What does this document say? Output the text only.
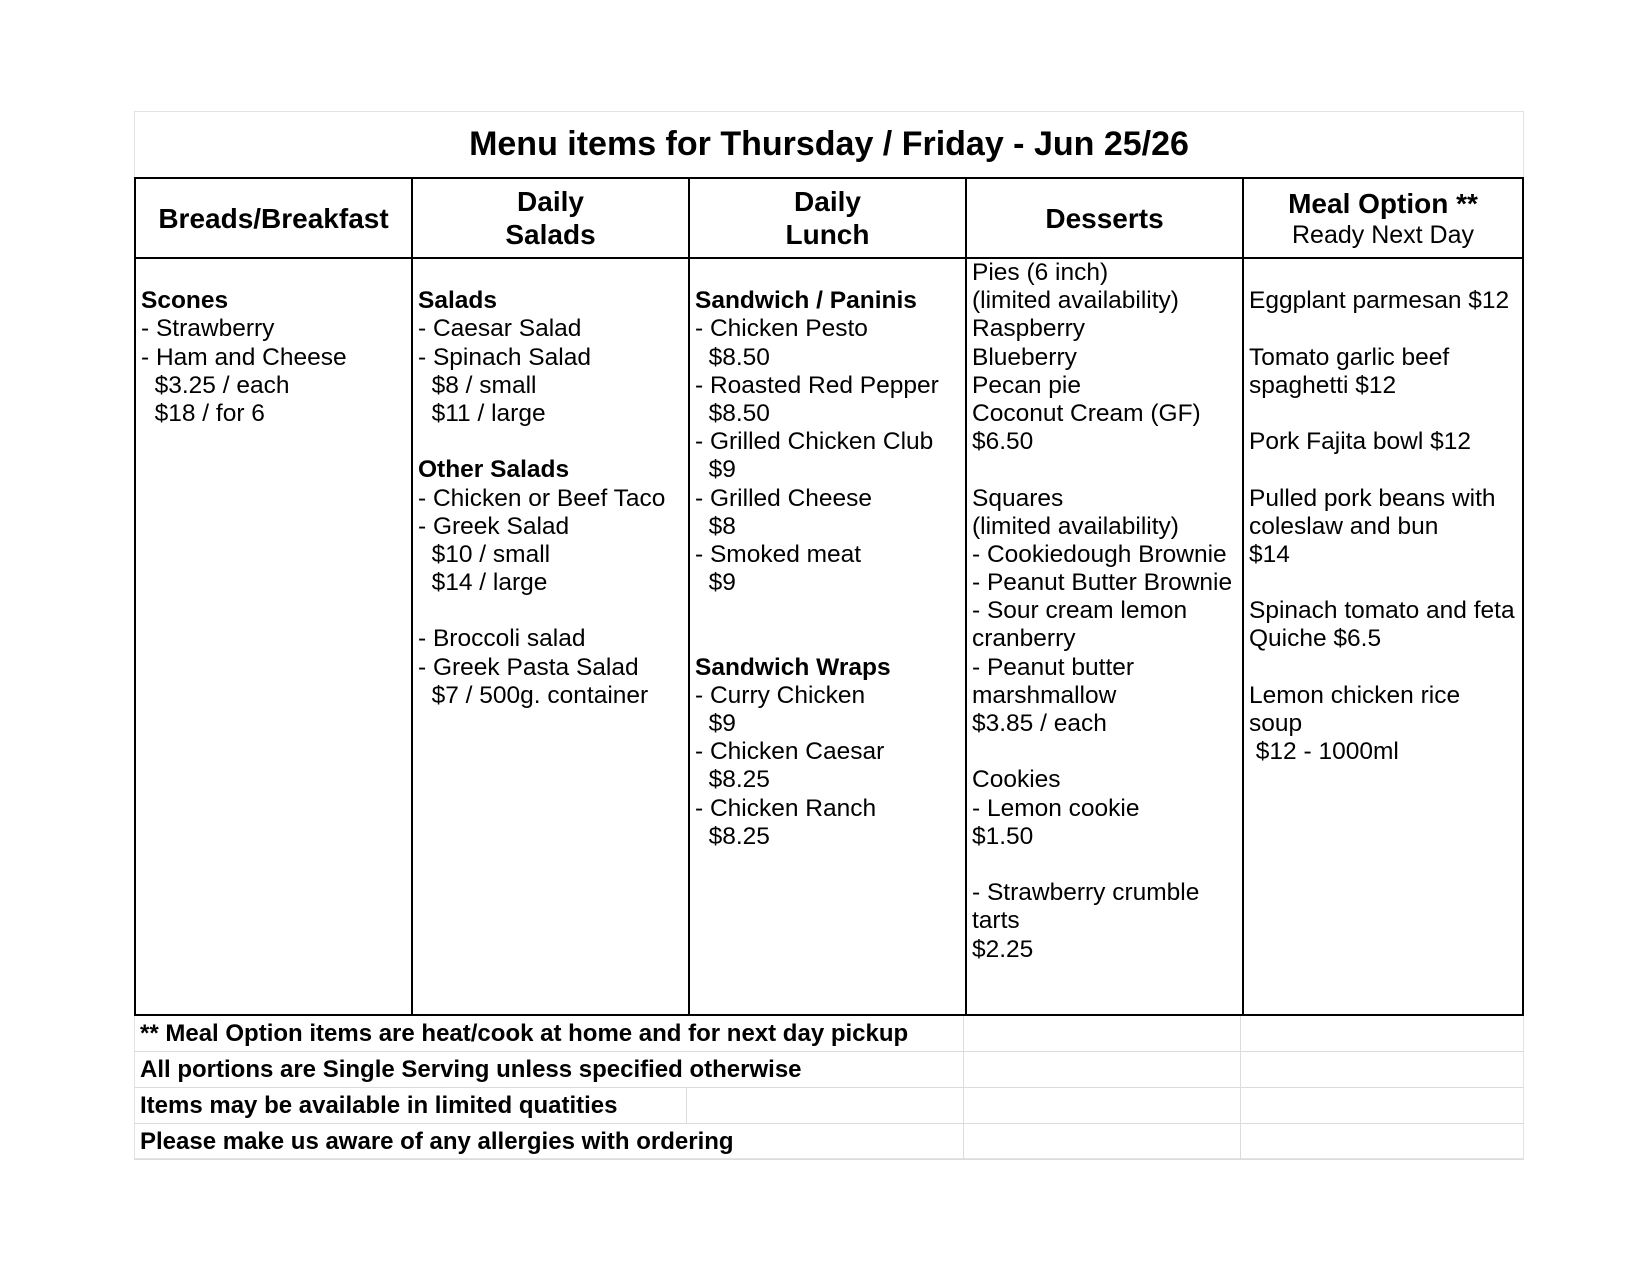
Menu items for Thursday / Friday - Jun 25/26
Breads/Breakfast
Daily
Salads
Daily
Lunch
Desserts	Meal Option **
Ready Next Day
Scones
- Strawberry
- Ham and Cheese
$3.25 / each
$18 / for 6
Salads
- Caesar Salad
- Spinach Salad
$8 / small
$11 / large
Other Salads
- Chicken or Beef Taco
- Greek Salad
$10 / small
$14 / large
- Broccoli salad
- Greek Pasta Salad
$7 / 500g. container
Sandwich / Paninis
- Chicken Pesto
$8.50
- Roasted Red Pepper
$8.50
- Grilled Chicken Club
$9
- Grilled Cheese
$8
- Smoked meat
$9
Sandwich Wraps
- Curry Chicken
$9
- Chicken Caesar
$8.25
- Chicken Ranch
$8.25
Pies (6 inch)
(limited availability)
Raspberry
Blueberry
Pecan pie
Coconut Cream (GF)
$6.50
Squares
(limited availability)
- Cookiedough Brownie
- Peanut Butter Brownie
- Sour cream lemon
cranberry
- Peanut butter
marshmallow
$3.85 / each
Cookies
- Lemon cookie
$1.50
- Strawberry crumble
tarts
$2.25
Eggplant parmesan $12
Tomato garlic beef
spaghetti $12
Pork Fajita bowl $12
Pulled pork beans with
coleslaw and bun
$14
Spinach tomato and feta
Quiche $6.5
Lemon chicken rice
soup
$12 - 1000ml
** Meal Option items are heat/cook at home and for next day pickup
All portions are Single Serving unless specified otherwise
Items may be available in limited quatities
Please make us aware of any allergies with ordering
